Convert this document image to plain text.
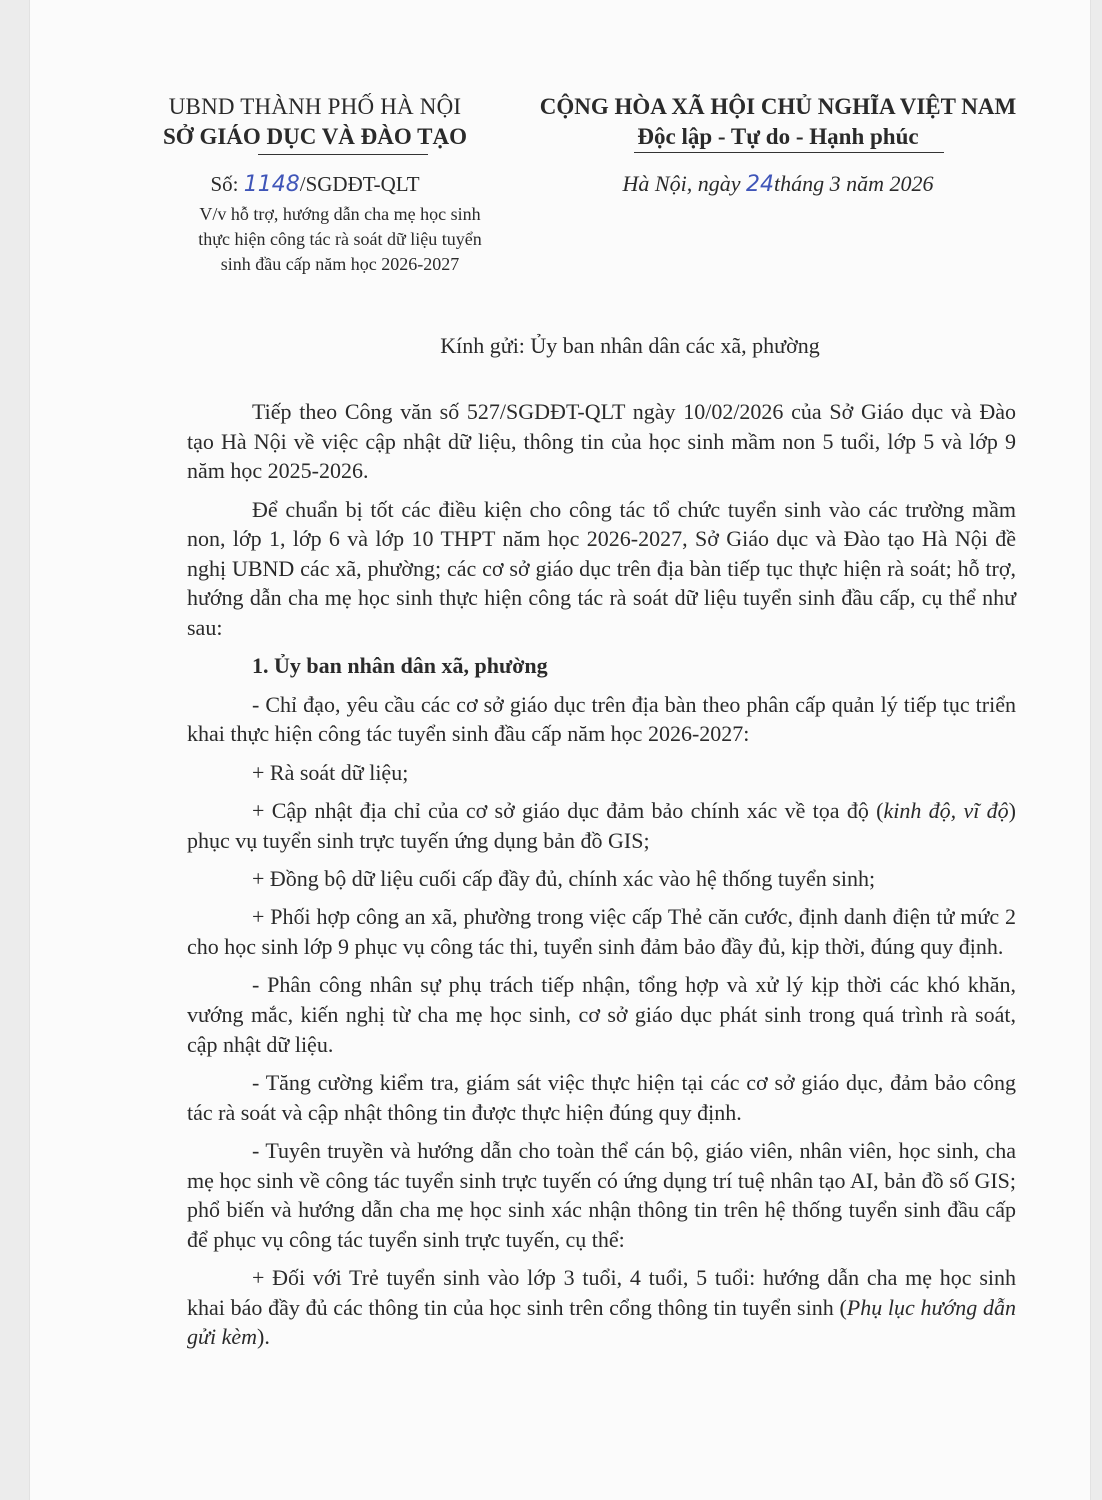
UBND THÀNH PHỐ HÀ NỘI
SỞ GIÁO DỤC VÀ ĐÀO TẠO
CỘNG HÒA XÃ HỘI CHỦ NGHĨA VIỆT NAM
Độc lập - Tự do - Hạnh phúc
Số: 1148/SGDĐT-QLT
V/v hỗ trợ, hướng dẫn cha mẹ học sinh
thực hiện công tác rà soát dữ liệu tuyển
sinh đầu cấp năm học 2026-2027
Hà Nội, ngày 24tháng 3 năm 2026
Kính gửi: Ủy ban nhân dân các xã, phường

Tiếp theo Công văn số 527/SGDĐT-QLT ngày 10/02/2026 của Sở Giáo dục và Đào tạo Hà Nội về việc cập nhật dữ liệu, thông tin của học sinh mầm non 5 tuổi, lớp 5 và lớp 9 năm học 2025-2026.

Để chuẩn bị tốt các điều kiện cho công tác tổ chức tuyển sinh vào các trường mầm non, lớp 1, lớp 6 và lớp 10 THPT năm học 2026-2027, Sở Giáo dục và Đào tạo Hà Nội đề nghị UBND các xã, phường; các cơ sở giáo dục trên địa bàn tiếp tục thực hiện rà soát; hỗ trợ, hướng dẫn cha mẹ học sinh thực hiện công tác rà soát dữ liệu tuyển sinh đầu cấp, cụ thể như sau:

1. Ủy ban nhân dân xã, phường

- Chỉ đạo, yêu cầu các cơ sở giáo dục trên địa bàn theo phân cấp quản lý tiếp tục triển khai thực hiện công tác tuyển sinh đầu cấp năm học 2026-2027:

+ Rà soát dữ liệu;

+ Cập nhật địa chỉ của cơ sở giáo dục đảm bảo chính xác về tọa độ (kinh độ, vĩ độ) phục vụ tuyển sinh trực tuyến ứng dụng bản đồ GIS;

+ Đồng bộ dữ liệu cuối cấp đầy đủ, chính xác vào hệ thống tuyển sinh;

+ Phối hợp công an xã, phường trong việc cấp Thẻ căn cước, định danh điện tử mức 2 cho học sinh lớp 9 phục vụ công tác thi, tuyển sinh đảm bảo đầy đủ, kịp thời, đúng quy định.

- Phân công nhân sự phụ trách tiếp nhận, tổng hợp và xử lý kịp thời các khó khăn, vướng mắc, kiến nghị từ cha mẹ học sinh, cơ sở giáo dục phát sinh trong quá trình rà soát, cập nhật dữ liệu.

- Tăng cường kiểm tra, giám sát việc thực hiện tại các cơ sở giáo dục, đảm bảo công tác rà soát và cập nhật thông tin được thực hiện đúng quy định.

- Tuyên truyền và hướng dẫn cho toàn thể cán bộ, giáo viên, nhân viên, học sinh, cha mẹ học sinh về công tác tuyển sinh trực tuyến có ứng dụng trí tuệ nhân tạo AI, bản đồ số GIS; phổ biến và hướng dẫn cha mẹ học sinh xác nhận thông tin trên hệ thống tuyển sinh đầu cấp để phục vụ công tác tuyển sinh trực tuyến, cụ thể:

+ Đối với Trẻ tuyển sinh vào lớp 3 tuổi, 4 tuổi, 5 tuổi: hướng dẫn cha mẹ học sinh khai báo đầy đủ các thông tin của học sinh trên cổng thông tin tuyển sinh (Phụ lục hướng dẫn gửi kèm).
